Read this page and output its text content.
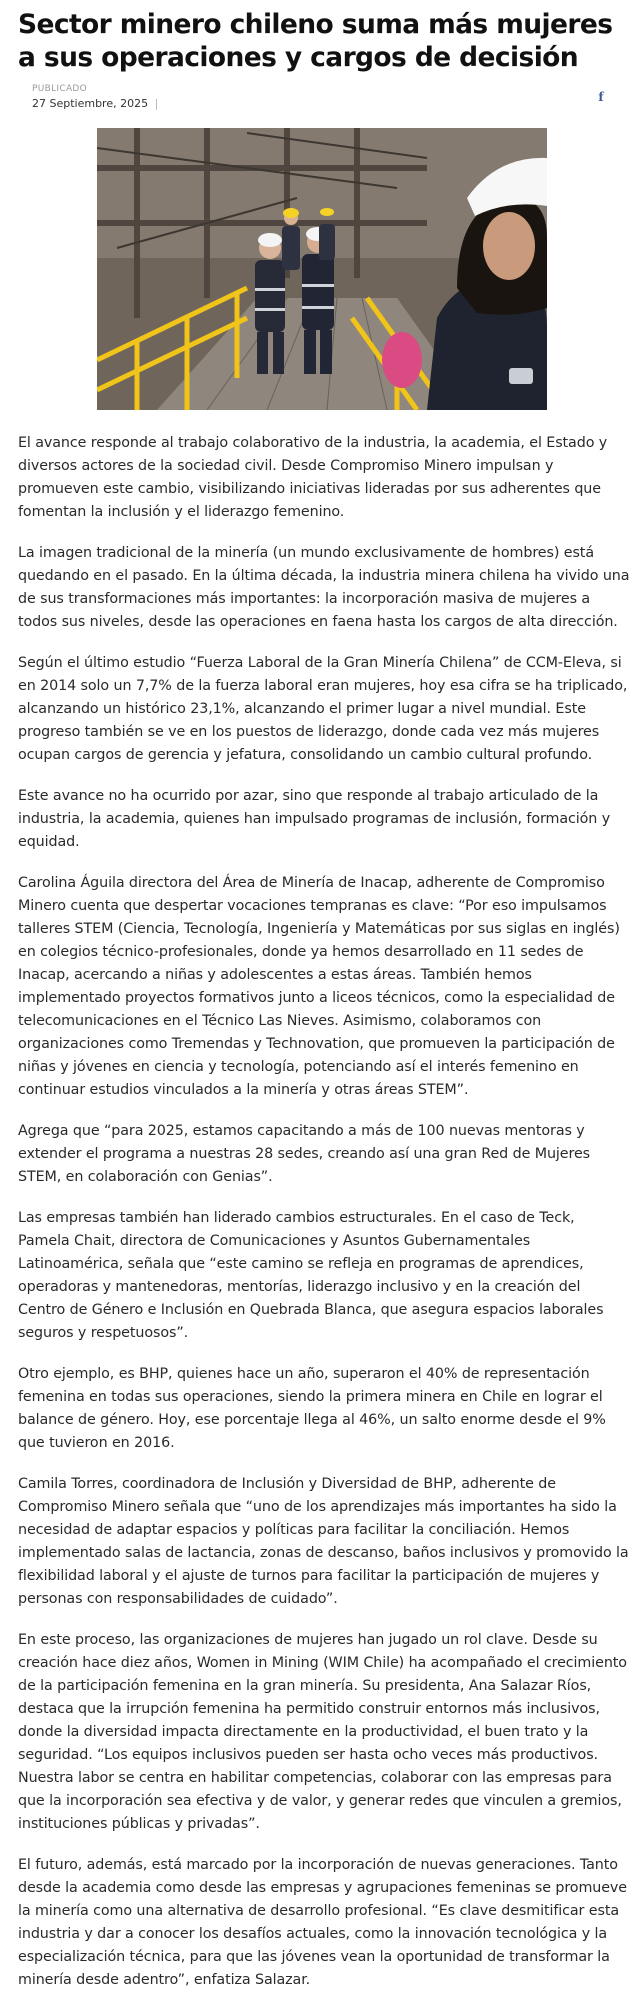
Sector minero chileno suma más mujeres a sus operaciones y cargos de decisión
PUBLICADO
27 Septiembre, 2025 |	f

El avance responde al trabajo colaborativo de la industria, la academia, el Estado y diversos actores de la sociedad civil. Desde Compromiso Minero impulsan y promueven este cambio, visibilizando iniciativas lideradas por sus adherentes que fomentan la inclusión y el liderazgo femenino.

La imagen tradicional de la minería (un mundo exclusivamente de hombres) está quedando en el pasado. En la última década, la industria minera chilena ha vivido una de sus transformaciones más importantes: la incorporación masiva de mujeres a todos sus niveles, desde las operaciones en faena hasta los cargos de alta dirección.

Según el último estudio “Fuerza Laboral de la Gran Minería Chilena” de CCM-Eleva, si en 2014 solo un 7,7% de la fuerza laboral eran mujeres, hoy esa cifra se ha triplicado, alcanzando un histórico 23,1%, alcanzando el primer lugar a nivel mundial. Este progreso también se ve en los puestos de liderazgo, donde cada vez más mujeres ocupan cargos de gerencia y jefatura, consolidando un cambio cultural profundo.

Este avance no ha ocurrido por azar, sino que responde al trabajo articulado de la industria, la academia, quienes han impulsado programas de inclusión, formación y equidad.

Carolina Águila directora del Área de Minería de Inacap, adherente de Compromiso Minero cuenta que despertar vocaciones tempranas es clave: “Por eso impulsamos talleres STEM (Ciencia, Tecnología, Ingeniería y Matemáticas por sus siglas en inglés) en colegios técnico-profesionales, donde ya hemos desarrollado en 11 sedes de Inacap, acercando a niñas y adolescentes a estas áreas. También hemos implementado proyectos formativos junto a liceos técnicos, como la especialidad de telecomunicaciones en el Técnico Las Nieves. Asimismo, colaboramos con organizaciones como Tremendas y Technovation, que promueven la participación de niñas y jóvenes en ciencia y tecnología, potenciando así el interés femenino en continuar estudios vinculados a la minería y otras áreas STEM”.

Agrega que “para 2025, estamos capacitando a más de 100 nuevas mentoras y extender el programa a nuestras 28 sedes, creando así una gran Red de Mujeres STEM, en colaboración con Genias”.

Las empresas también han liderado cambios estructurales. En el caso de Teck, Pamela Chait, directora de Comunicaciones y Asuntos Gubernamentales Latinoamérica, señala que “este camino se refleja en programas de aprendices, operadoras y mantenedoras, mentorías, liderazgo inclusivo y en la creación del Centro de Género e Inclusión en Quebrada Blanca, que asegura espacios laborales seguros y respetuosos”.

Otro ejemplo, es BHP, quienes hace un año, superaron el 40% de representación femenina en todas sus operaciones, siendo la primera minera en Chile en lograr el balance de género. Hoy, ese porcentaje llega al 46%, un salto enorme desde el 9% que tuvieron en 2016.

Camila Torres, coordinadora de Inclusión y Diversidad de BHP, adherente de Compromiso Minero señala que “uno de los aprendizajes más importantes ha sido la necesidad de adaptar espacios y políticas para facilitar la conciliación. Hemos implementado salas de lactancia, zonas de descanso, baños inclusivos y promovido la flexibilidad laboral y el ajuste de turnos para facilitar la participación de mujeres y personas con responsabilidades de cuidado”.

En este proceso, las organizaciones de mujeres han jugado un rol clave. Desde su creación hace diez años, Women in Mining (WIM Chile) ha acompañado el crecimiento de la participación femenina en la gran minería. Su presidenta, Ana Salazar Ríos, destaca que la irrupción femenina ha permitido construir entornos más inclusivos, donde la diversidad impacta directamente en la productividad, el buen trato y la seguridad. “Los equipos inclusivos pueden ser hasta ocho veces más productivos. Nuestra labor se centra en habilitar competencias, colaborar con las empresas para que la incorporación sea efectiva y de valor, y generar redes que vinculen a gremios, instituciones públicas y privadas”.

El futuro, además, está marcado por la incorporación de nuevas generaciones. Tanto desde la academia como desde las empresas y agrupaciones femeninas se promueve la minería como una alternativa de desarrollo profesional. “Es clave desmitificar esta industria y dar a conocer los desafíos actuales, como la innovación tecnológica y la especialización técnica, para que las jóvenes vean la oportunidad de transformar la minería desde adentro”, enfatiza Salazar.
